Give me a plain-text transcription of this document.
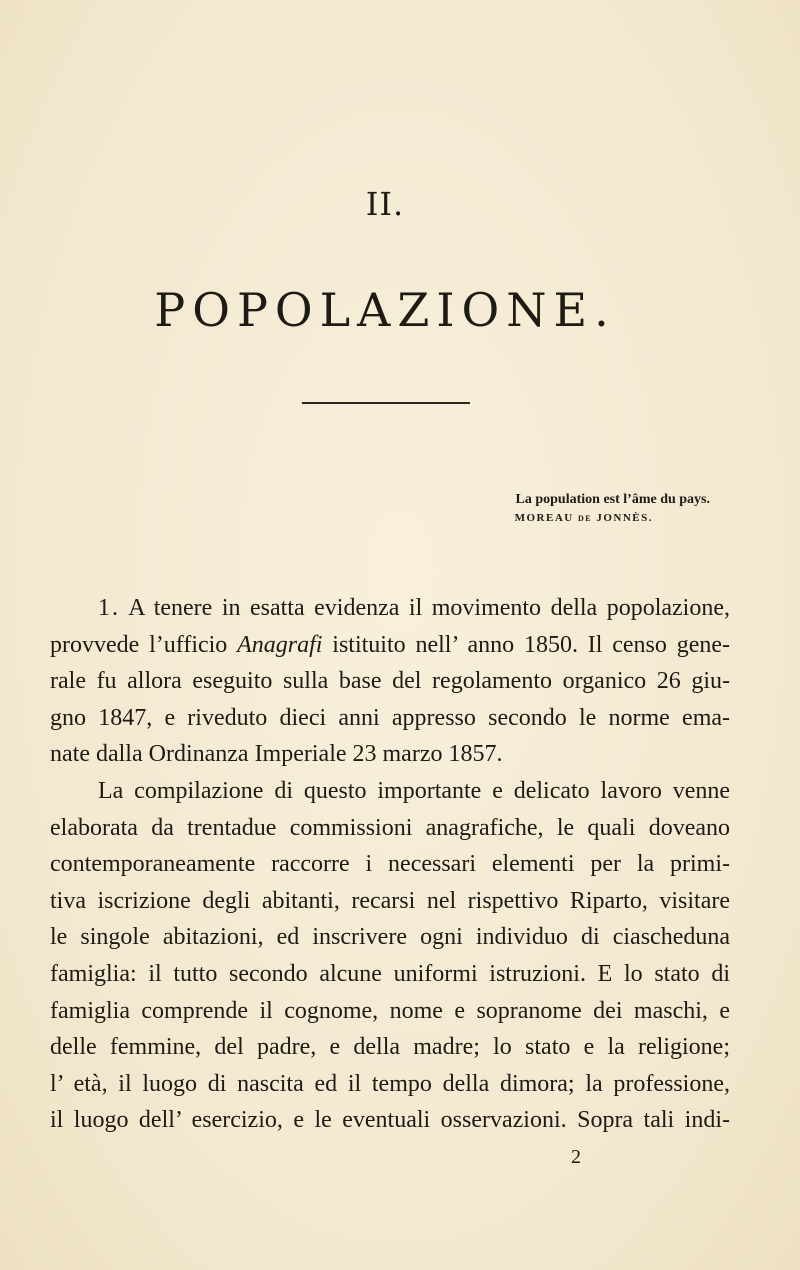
II.
POPOLAZIONE.
La population est l’âme du pays.
MOREAU DE JONNÈS.
1. A tenere in esatta evidenza il movimento della popolazione,
provvede l’ufficio Anagrafi istituito nell’ anno 1850. Il censo gene-
rale fu allora eseguito sulla base del regolamento organico 26 giu-
gno 1847, e riveduto dieci anni appresso secondo le norme ema-
nate dalla Ordinanza Imperiale 23 marzo 1857.
La compilazione di questo importante e delicato lavoro venne
elaborata da trentadue commissioni anagrafiche, le quali doveano
contemporaneamente raccorre i necessari elementi per la primi-
tiva iscrizione degli abitanti, recarsi nel rispettivo Riparto, visitare
le singole abitazioni, ed inscrivere ogni individuo di ciascheduna
famiglia: il tutto secondo alcune uniformi istruzioni. E lo stato di
famiglia comprende il cognome, nome e sopranome dei maschi, e
delle femmine, del padre, e della madre; lo stato e la religione;
l’ età, il luogo di nascita ed il tempo della dimora; la professione,
il luogo dell’ esercizio, e le eventuali osservazioni. Sopra tali indi-
2
